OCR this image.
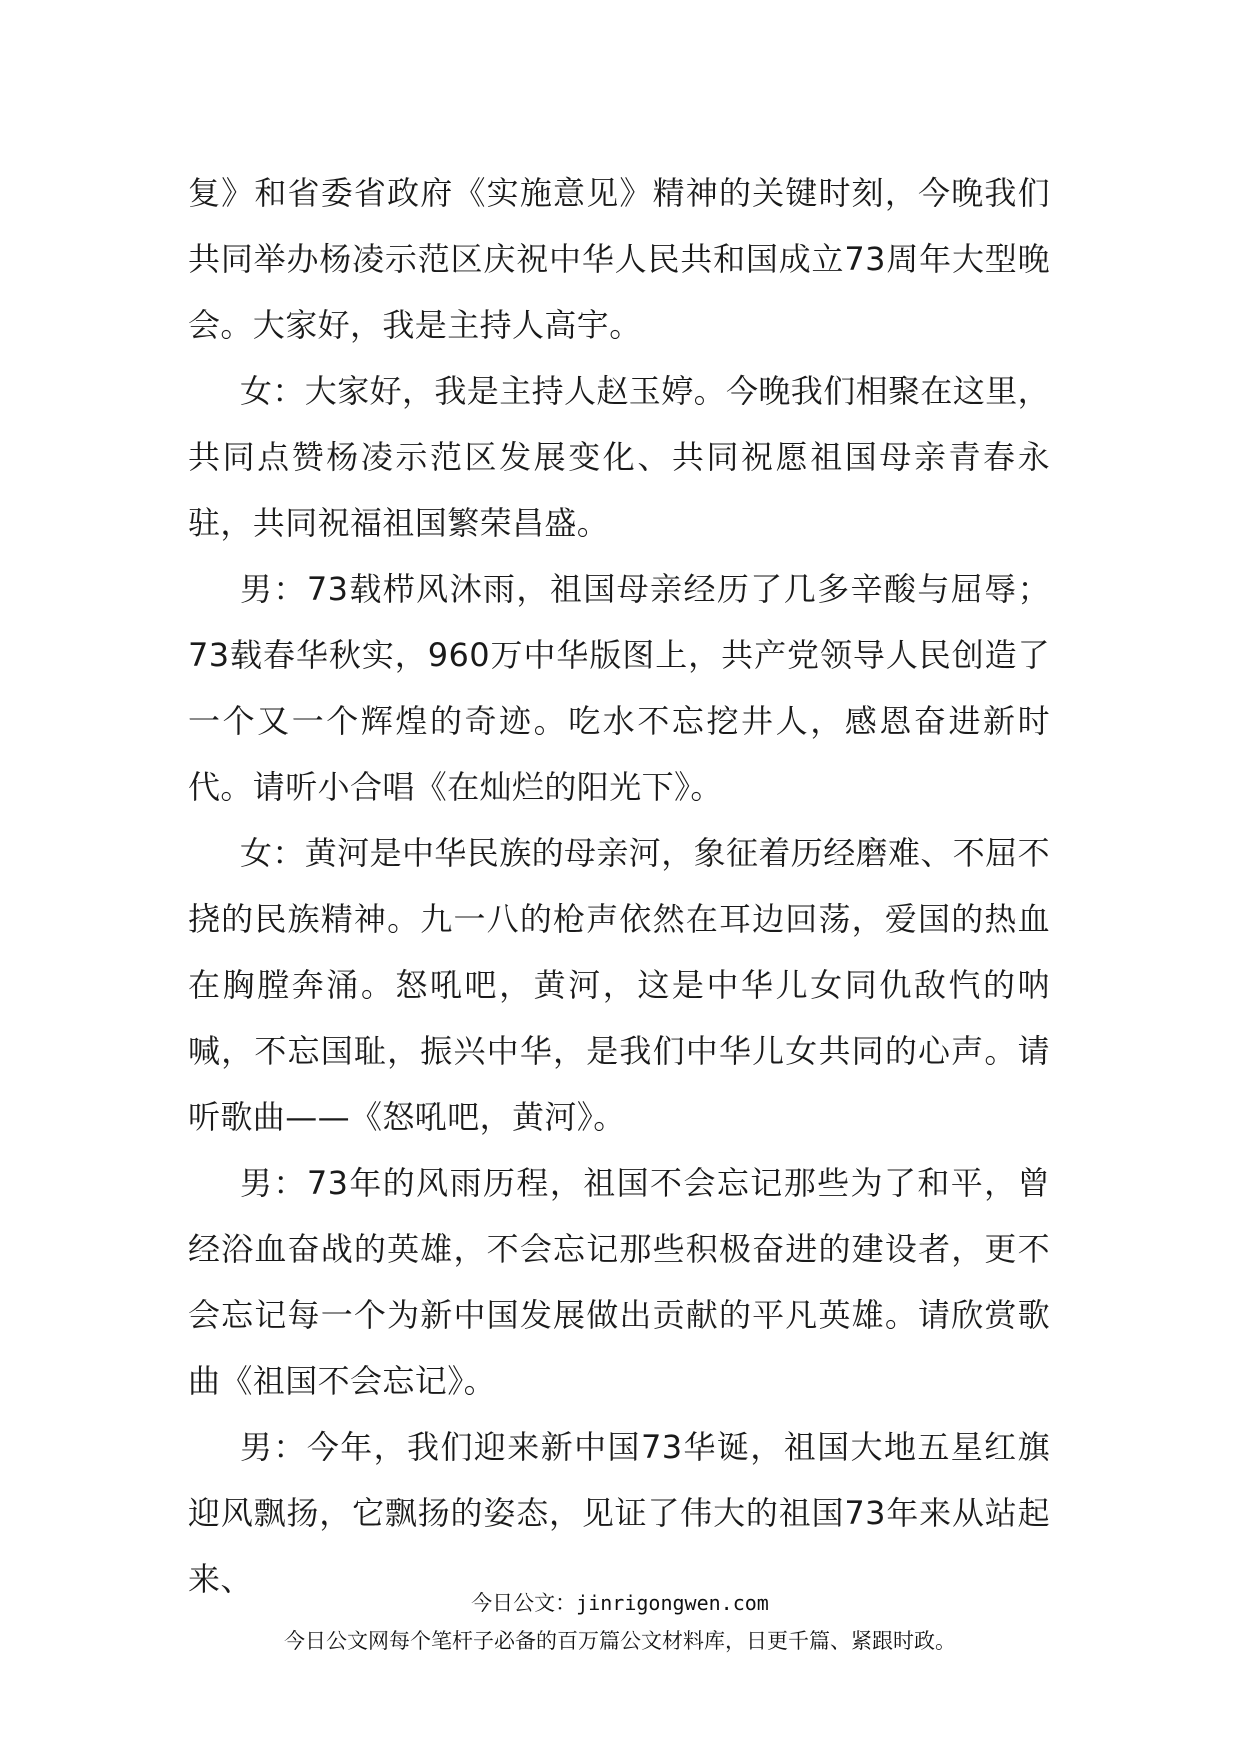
复》和省委省政府《实施意见》精神的关键时刻，今晚我们共同举办杨凌示范区庆祝中华人民共和国成立73周年大型晚会。大家好，我是主持人高宇。

女：大家好，我是主持人赵玉婷。今晚我们相聚在这里，共同点赞杨凌示范区发展变化、共同祝愿祖国母亲青春永驻，共同祝福祖国繁荣昌盛。

男：73载栉风沐雨，祖国母亲经历了几多辛酸与屈辱；73载春华秋实，960万中华版图上，共产党领导人民创造了一个又一个辉煌的奇迹。吃水不忘挖井人，感恩奋进新时代。请听小合唱《在灿烂的阳光下》。

女：黄河是中华民族的母亲河，象征着历经磨难、不屈不挠的民族精神。九一八的枪声依然在耳边回荡，爱国的热血在胸膛奔涌。怒吼吧，黄河，这是中华儿女同仇敌忾的呐喊，不忘国耻，振兴中华，是我们中华儿女共同的心声。请听歌曲——《怒吼吧，黄河》。

男：73年的风雨历程，祖国不会忘记那些为了和平，曾经浴血奋战的英雄，不会忘记那些积极奋进的建设者，更不会忘记每一个为新中国发展做出贡献的平凡英雄。请欣赏歌曲《祖国不会忘记》。

男：今年，我们迎来新中国73华诞，祖国大地五星红旗迎风飘扬，它飘扬的姿态，见证了伟大的祖国73年来从站起来、

今日公文：jinrigongwen.com
今日公文网每个笔杆子必备的百万篇公文材料库，日更千篇、紧跟时政。
